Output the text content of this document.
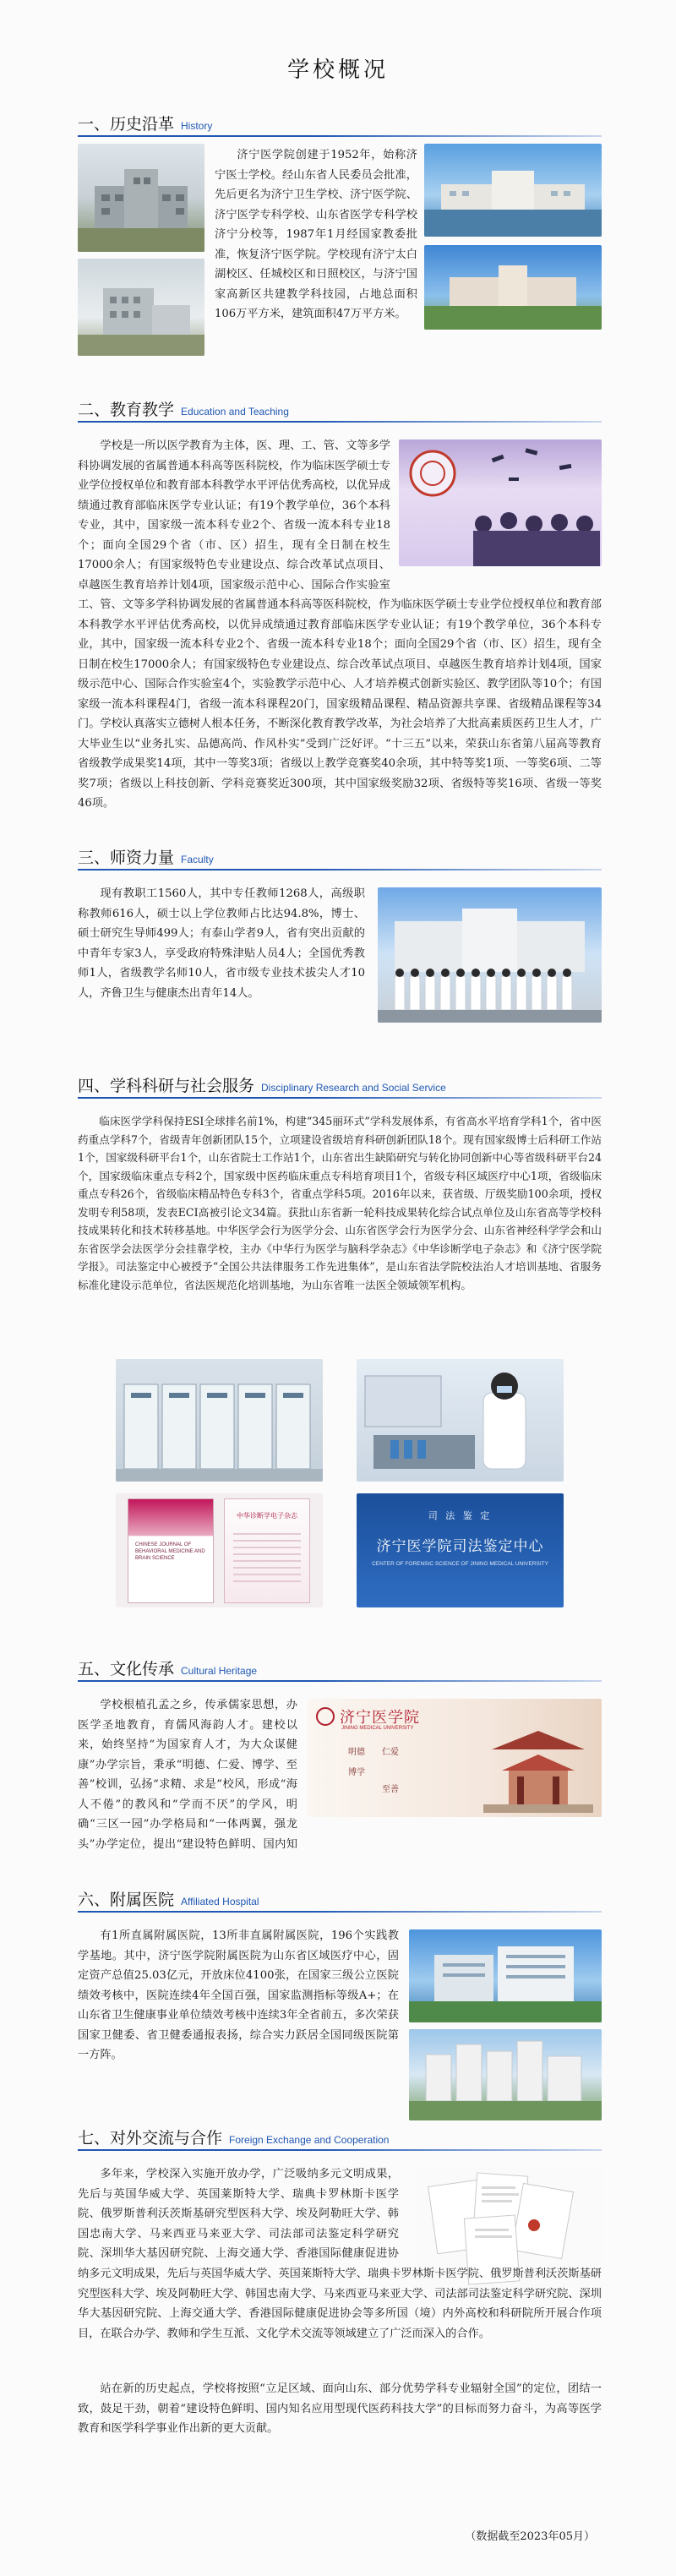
学校概况
一、历史沿革 History

济宁医学院创建于1952年，始称济宁医士学校。经山东省人民委员会批准，先后更名为济宁卫生学校、济宁医学院、济宁医学专科学校、山东省医学专科学校济宁分校等，1987年1月经国家教委批准，恢复济宁医学院。学校现有济宁太白湖校区、任城校区和日照校区，与济宁国家高新区共建教学科技园，占地总面积106万平方米，建筑面积47万平方米。

二、教育教学 Education and Teaching

学校是一所以医学教育为主体，医、理、工、管、文等多学科协调发展的省属普通本科高等医科院校，作为临床医学硕士专业学位授权单位和教育部本科教学水平评估优秀高校，以优异成绩通过教育部临床医学专业认证；有19个教学单位，36个本科专业，其中，国家级一流本科专业2个、省级一流本科专业18个；面向全国29个省（市、区）招生，现有全日制在校生17000余人；有国家级特色专业建设点、综合改革试点项目、卓越医生教育培养计划4项，国家级示范中心、国际合作实验室

工、管、文等多学科协调发展的省属普通本科高等医科院校，作为临床医学硕士专业学位授权单位和教育部本科教学水平评估优秀高校，以优异成绩通过教育部临床医学专业认证；有19个教学单位，36个本科专业，其中，国家级一流本科专业2个、省级一流本科专业18个；面向全国29个省（市、区）招生，现有全日制在校生17000余人；有国家级特色专业建设点、综合改革试点项目、卓越医生教育培养计划4项，国家级示范中心、国际合作实验室4个，实验教学示范中心、人才培养模式创新实验区、教学团队等10个；有国家级一流本科课程4门，省级一流本科课程20门，国家级精品课程、精品资源共享课、省级精品课程等34门。学校认真落实立德树人根本任务，不断深化教育教学改革，为社会培养了大批高素质医药卫生人才，广大毕业生以“业务扎实、品德高尚、作风朴实”受到广泛好评。“十三五”以来，荣获山东省第八届高等教育省级教学成果奖14项，其中一等奖3项；省级以上教学竞赛奖40余项，其中特等奖1项、一等奖6项、二等奖7项；省级以上科技创新、学科竞赛奖近300项，其中国家级奖励32项、省级特等奖16项、省级一等奖46项。

三、师资力量 Faculty

现有教职工1560人，其中专任教师1268人，高级职称教师616人，硕士以上学位教师占比达94.8%，博士、硕士研究生导师499人；有泰山学者9人，省有突出贡献的中青年专家3人，享受政府特殊津贴人员4人；全国优秀教师1人，省级教学名师10人，省市级专业技术拔尖人才10人，齐鲁卫生与健康杰出青年14人。

四、学科科研与社会服务 Disciplinary Research and Social Service

临床医学学科保持ESI全球排名前1%，构建“345丽环式”学科发展体系，有省高水平培育学科1个，省中医药重点学科7个，省级青年创新团队15个，立项建设省级培育科研创新团队18个。现有国家级博士后科研工作站1个，国家级科研平台1个，山东省院士工作站1个，山东省出生缺陷研究与转化协同创新中心等省级科研平台24个，国家级临床重点专科2个，国家级中医药临床重点专科培育项目1个，省级专科区域医疗中心1项，省级临床重点专科26个，省级临床精品特色专科3个，省重点学科5项。2016年以来，获省级、厅级奖励100余项，授权发明专利58项，发表ECI高被引论文34篇。获批山东省新一轮科技成果转化综合试点单位及山东省高等学校科技成果转化和技术转移基地。中华医学会行为医学分会、山东省医学会行为医学分会、山东省神经科学学会和山东省医学会法医学分会挂靠学校，主办《中华行为医学与脑科学杂志》《中华诊断学电子杂志》和《济宁医学院学报》。司法鉴定中心被授予“全国公共法律服务工作先进集体”，是山东省法学院校法治人才培训基地、省服务标准化建设示范单位，省法医规范化培训基地，为山东省唯一法医全领域领军机构。

CHINESE JOURNAL OF BEHAVIORAL MEDICINE AND BRAIN SCIENCE
中华诊断学电子杂志	司 法 鉴 定
济宁医学院司法鉴定中心
CENTER OF FORENSIC SCIENCE OF JINING MEDICAL UNIVERSITY
五、文化传承 Cultural Heritage

学校根植孔孟之乡，传承儒家思想，办医学圣地教育，育儒风海韵人才。建校以来，始终坚持“为国家育人才，为大众谋健康”办学宗旨，秉承“明德、仁爱、博学、至善”校训，弘扬“求精、求是”校风，形成“海人不倦”的教风和“学而不厌”的学风，明确“三区一园”办学格局和“一体两翼，强龙头”办学定位，提出“建设特色鲜明、国内知

济宁医学院
JINING MEDICAL UNIVERSITY
明德	仁爱
博学
至善
六、附属医院 Affiliated Hospital

有1所直属附属医院，13所非直属附属医院，196个实践教学基地。其中，济宁医学院附属医院为山东省区域医疗中心，固定资产总值25.03亿元，开放床位4100张，在国家三级公立医院绩效考核中，医院连续4年全国百强，国家监测指标等级A+；在山东省卫生健康事业单位绩效考核中连续3年全省前五，多次荣获国家卫健委、省卫健委通报表扬，综合实力跃居全国同级医院第一方阵。

七、对外交流与合作 Foreign Exchange and Cooperation

多年来，学校深入实施开放办学，广泛吸纳多元文明成果，先后与英国华威大学、英国莱斯特大学、瑞典卡罗林斯卡医学院、俄罗斯普利沃茨斯基研究型医科大学、埃及阿勒旺大学、韩国忠南大学、马来西亚马来亚大学、司法部司法鉴定科学研究院、深圳华大基因研究院、上海交通大学、香港国际健康促进协

纳多元文明成果，先后与英国华威大学、英国莱斯特大学、瑞典卡罗林斯卡医学院、俄罗斯普利沃茨斯基研究型医科大学、埃及阿勒旺大学、韩国忠南大学、马来西亚马来亚大学、司法部司法鉴定科学研究院、深圳华大基因研究院、上海交通大学、香港国际健康促进协会等多所国（境）内外高校和科研院所开展合作项目，在联合办学、教师和学生互派、文化学术交流等领域建立了广泛而深入的合作。

站在新的历史起点，学校将按照“立足区域、面向山东、部分优势学科专业辐射全国”的定位，团结一致，鼓足干劲，朝着“建设特色鲜明、国内知名应用型现代医药科技大学”的目标而努力奋斗，为高等医学教育和医学科学事业作出新的更大贡献。

（数据截至2023年05月）
